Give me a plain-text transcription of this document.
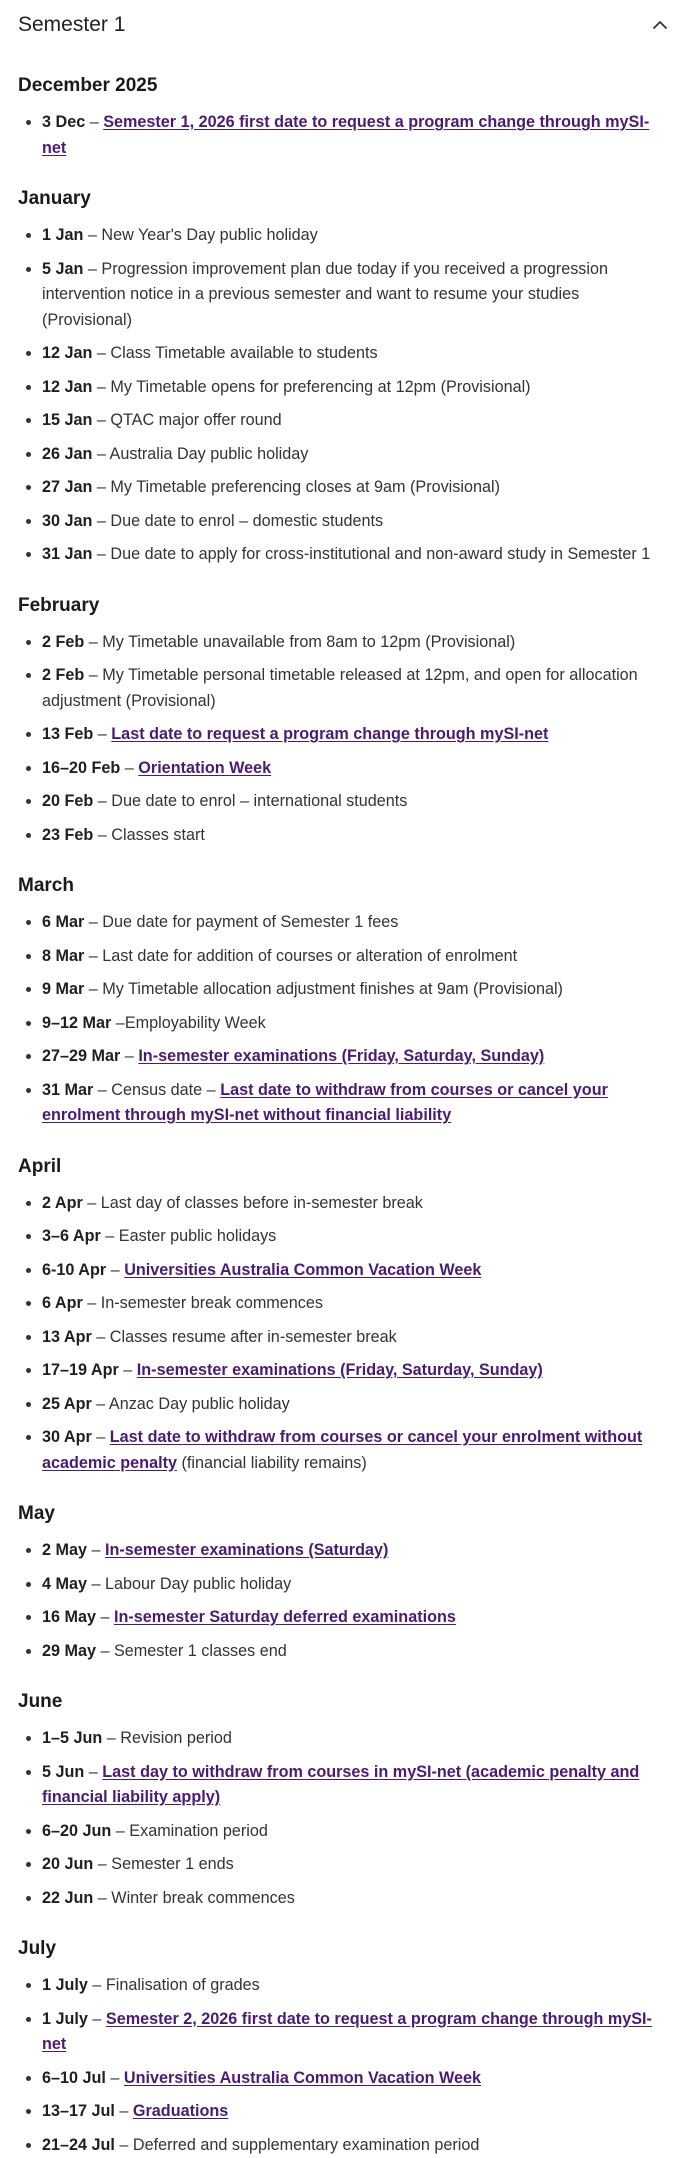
Semester 1
December 2025
• 3 Dec – Semester 1, 2026 first date to request a program change through mySI-net
January
• 1 Jan – New Year's Day public holiday
• 5 Jan – Progression improvement plan due today if you received a progression intervention notice in a previous semester and want to resume your studies (Provisional)
• 12 Jan – Class Timetable available to students
• 12 Jan – My Timetable opens for preferencing at 12pm (Provisional)
• 15 Jan – QTAC major offer round
• 26 Jan – Australia Day public holiday
• 27 Jan – My Timetable preferencing closes at 9am (Provisional)
• 30 Jan – Due date to enrol – domestic students
• 31 Jan – Due date to apply for cross-institutional and non-award study in Semester 1
February
• 2 Feb – My Timetable unavailable from 8am to 12pm (Provisional)
• 2 Feb – My Timetable personal timetable released at 12pm, and open for allocation adjustment (Provisional)
• 13 Feb – Last date to request a program change through mySI-net
• 16–20 Feb – Orientation Week
• 20 Feb – Due date to enrol – international students
• 23 Feb – Classes start
March
• 6 Mar – Due date for payment of Semester 1 fees
• 8 Mar – Last date for addition of courses or alteration of enrolment
• 9 Mar – My Timetable allocation adjustment finishes at 9am (Provisional)
• 9–12 Mar –Employability Week
• 27–29 Mar – In-semester examinations (Friday, Saturday, Sunday)
• 31 Mar – Census date – Last date to withdraw from courses or cancel your enrolment through mySI-net without financial liability
April
• 2 Apr – Last day of classes before in-semester break
• 3–6 Apr – Easter public holidays
• 6-10 Apr – Universities Australia Common Vacation Week
• 6 Apr – In-semester break commences
• 13 Apr – Classes resume after in-semester break
• 17–19 Apr – In-semester examinations (Friday, Saturday, Sunday)
• 25 Apr – Anzac Day public holiday
• 30 Apr – Last date to withdraw from courses or cancel your enrolment without academic penalty (financial liability remains)
May
• 2 May – In-semester examinations (Saturday)
• 4 May – Labour Day public holiday
• 16 May – In-semester Saturday deferred examinations
• 29 May – Semester 1 classes end
June
• 1–5 Jun – Revision period
• 5 Jun – Last day to withdraw from courses in mySI-net (academic penalty and financial liability apply)
• 6–20 Jun – Examination period
• 20 Jun – Semester 1 ends
• 22 Jun – Winter break commences
July
• 1 July – Finalisation of grades
• 1 July – Semester 2, 2026 first date to request a program change through mySI-net
• 6–10 Jul – Universities Australia Common Vacation Week
• 13–17 Jul – Graduations
• 21–24 Jul – Deferred and supplementary examination period
